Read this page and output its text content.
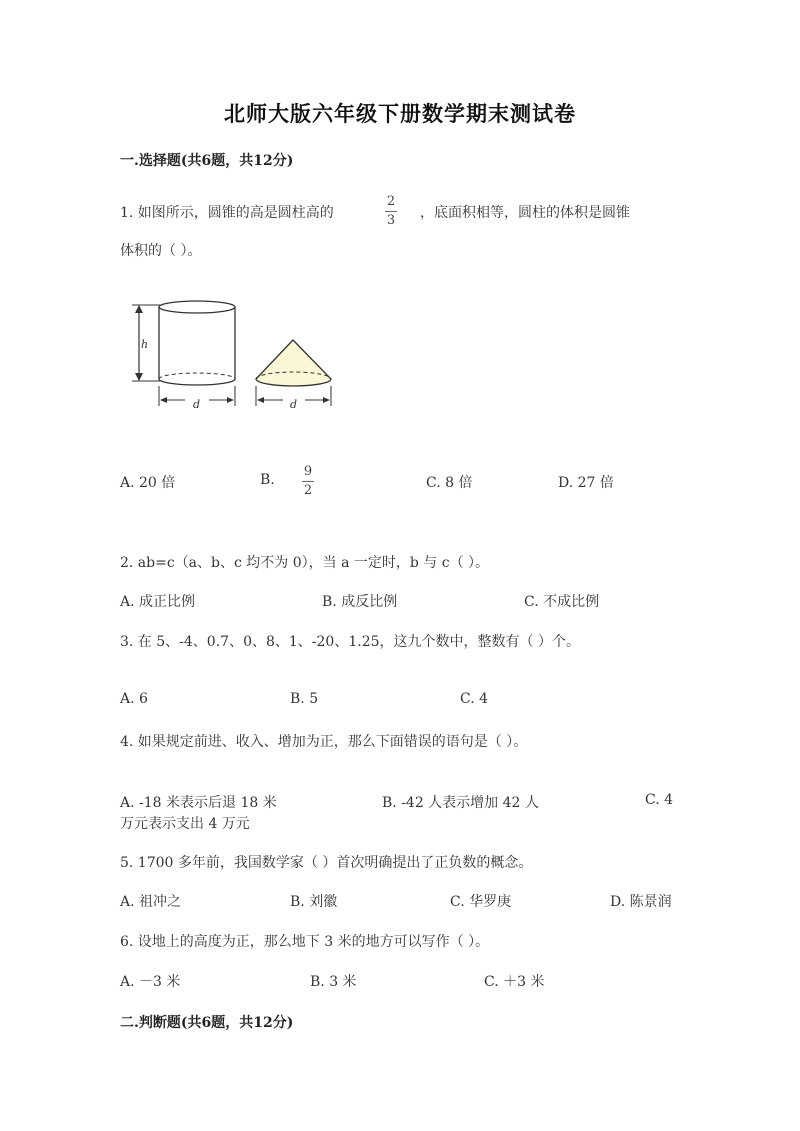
北师大版六年级下册数学期末测试卷
一.选择题(共6题，共12分)
1. 如图所示，圆锥的高是圆柱高的
2
3 ，底面积相等，圆柱的体积是圆锥
体积的（ ）。
h
d	d
A. 20 倍	B.
9
2	C. 8 倍	D. 27 倍
2. ab=c（a、b、c 均不为 0），当 a 一定时，b 与 c（ ）。
A. 成正比例	B. 成反比例	C. 不成比例
3. 在 5、-4、0.7、0、8、1、-20、1.25，这九个数中，整数有（ ）个。
A. 6	B. 5	C. 4
4. 如果规定前进、收入、增加为正，那么下面错误的语句是（ ）。
A. -18 米表示后退 18 米	B. -42 人表示增加 42 人	C. 4
万元表示支出 4 万元
5. 1700 多年前，我国数学家（ ）首次明确提出了正负数的概念。
A. 祖冲之	B. 刘徽	C. 华罗庚	D. 陈景润
6. 设地上的高度为正，那么地下 3 米的地方可以写作（ ）。
A. －3 米	B. 3 米	C. ＋3 米
二.判断题(共6题，共12分)
